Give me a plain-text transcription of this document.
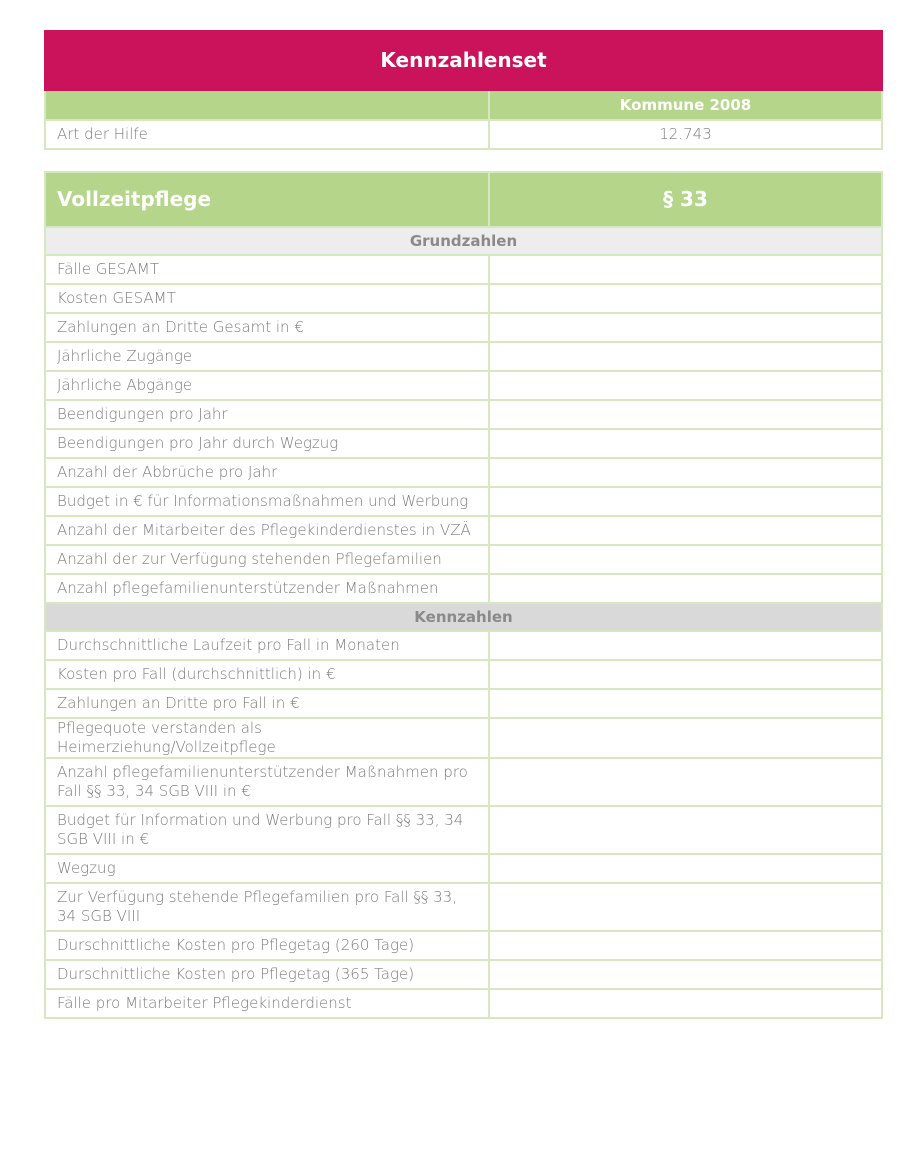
Kennzahlenset	
	Kommune 2008
Art der Hilfe	12.743
Vollzeitpflege	§ 33
Grundzahlen	
Fälle GESAMT	
Kosten GESAMT	
Zahlungen an Dritte Gesamt in €	
Jährliche Zugänge	
Jährliche Abgänge	
Beendigungen pro Jahr	
Beendigungen pro Jahr durch Wegzug	
Anzahl der Abbrüche pro Jahr	
Budget in € für Informationsmaßnahmen und Werbung	
Anzahl der Mitarbeiter des Pflegekinderdienstes in VZÄ	
Anzahl der zur Verfügung stehenden Pflegefamilien	
Anzahl pflegefamilienunterstützender Maßnahmen	
Kennzahlen	
Durchschnittliche Laufzeit pro Fall in Monaten	
Kosten pro Fall (durchschnittlich) in €	
Zahlungen an Dritte pro Fall in €	
Pflegequote verstanden als Heimerziehung/Vollzeitpflege	
Anzahl pflegefamilienunterstützender Maßnahmen pro Fall §§ 33, 34 SGB VIII in €	
Budget für Information und Werbung pro Fall §§ 33, 34 SGB VIII in €	
Wegzug	
Zur Verfügung stehende Pflegefamilien pro Fall §§ 33, 34 SGB VIII	
Durschnittliche Kosten pro Pflegetag (260 Tage)	
Durschnittliche Kosten pro Pflegetag (365 Tage)	
Fälle pro Mitarbeiter Pflegekinderdienst	
